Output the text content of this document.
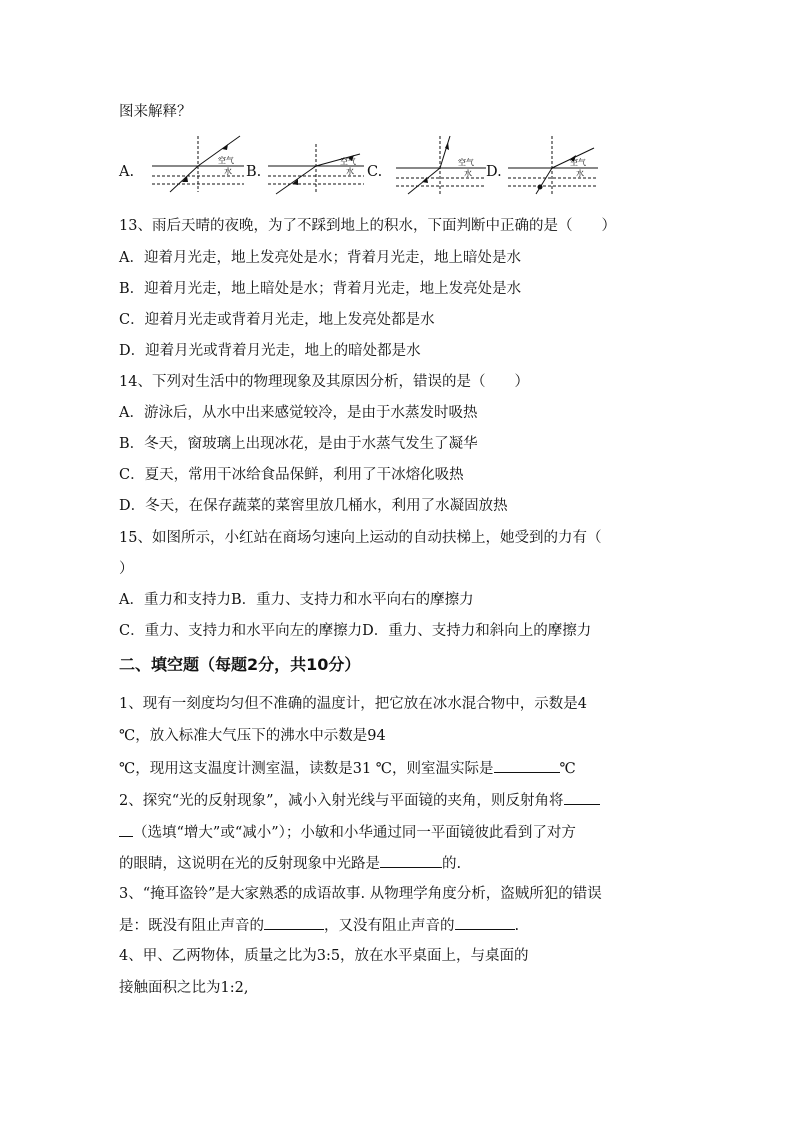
图来解释？
A.
空气
水 B.
空气
水 C.
空气
水 D.
空气
水
13、雨后天晴的夜晚，为了不踩到地上的积水，下面判断中正确的是（　　）
A．迎着月光走，地上发亮处是水；背着月光走，地上暗处是水
B．迎着月光走，地上暗处是水；背着月光走，地上发亮处是水
C．迎着月光走或背着月光走，地上发亮处都是水
D．迎着月光或背着月光走，地上的暗处都是水
14、下列对生活中的物理现象及其原因分析，错误的是（　　）
A．游泳后，从水中出来感觉较冷，是由于水蒸发时吸热
B．冬天，窗玻璃上出现冰花，是由于水蒸气发生了凝华
C．夏天，常用干冰给食品保鲜，利用了干冰熔化吸热
D．冬天，在保存蔬菜的菜窖里放几桶水，利用了水凝固放热
15、如图所示，小红站在商场匀速向上运动的自动扶梯上，她受到的力有（
）
A．重力和支持力B．重力、支持力和水平向右的摩擦力
C．重力、支持力和水平向左的摩擦力D．重力、支持力和斜向上的摩擦力
二、填空题（每题2分，共10分）
1、现有一刻度均匀但不准确的温度计，把它放在冰水混合物中，示数是4
℃，放入标准大气压下的沸水中示数是94
℃，现用这支温度计测室温，读数是31 ℃，则室温实际是	℃
2、探究“光的反射现象”，减小入射光线与平面镜的夹角，则反射角将
（选填“增大”或“减小”）；小敏和小华通过同一平面镜彼此看到了对方
的眼睛，这说明在光的反射现象中光路是	的.
3、“掩耳盗铃”是大家熟悉的成语故事. 从物理学角度分析，盗贼所犯的错误
是：既没有阻止声音的	，又没有阻止声音的	.
4、甲、乙两物体，质量之比为3:5，放在水平桌面上，与桌面的
接触面积之比为1:2,
